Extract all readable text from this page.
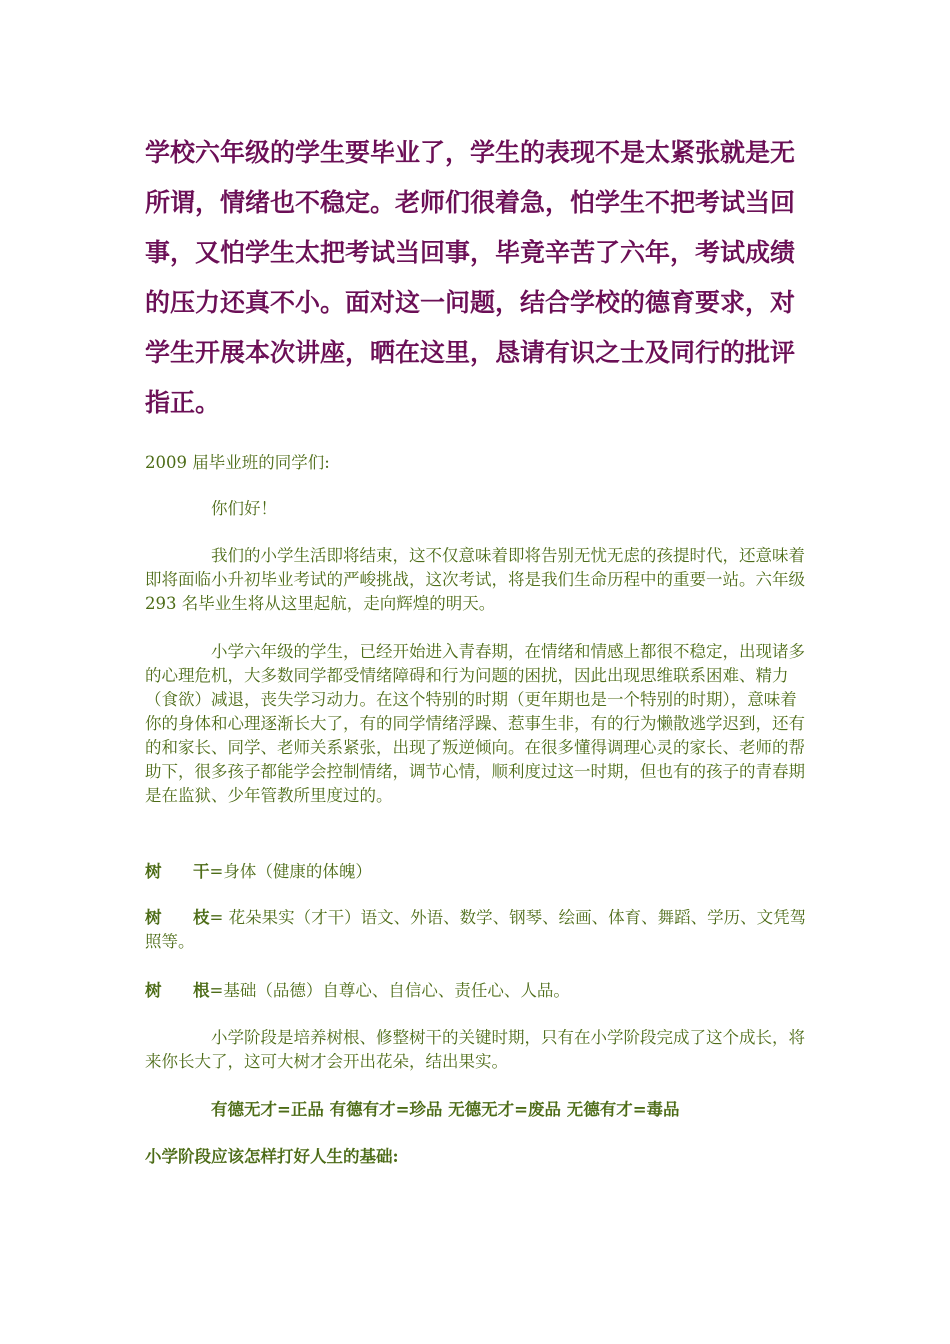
学校六年级的学生要毕业了，学生的表现不是太紧张就是无所谓，情绪也不稳定。老师们很着急，怕学生不把考试当回事，又怕学生太把考试当回事，毕竟辛苦了六年，考试成绩的压力还真不小。面对这一问题，结合学校的德育要求，对学生开展本次讲座，晒在这里，恳请有识之士及同行的批评指正。

2009 届毕业班的同学们:

你们好！

我们的小学生活即将结束，这不仅意味着即将告别无忧无虑的孩提时代，还意味着即将面临小升初毕业考试的严峻挑战，这次考试，将是我们生命历程中的重要一站。六年级 293 名毕业生将从这里起航，走向辉煌的明天。

小学六年级的学生，已经开始进入青春期，在情绪和情感上都很不稳定，出现诸多的心理危机，大多数同学都受情绪障碍和行为问题的困扰，因此出现思维联系困难、精力（食欲）减退，丧失学习动力。在这个特别的时期（更年期也是一个特别的时期），意味着你的身体和心理逐渐长大了，有的同学情绪浮躁、惹事生非，有的行为懒散逃学迟到，还有的和家长、同学、老师关系紧张，出现了叛逆倾向。在很多懂得调理心灵的家长、老师的帮助下，很多孩子都能学会控制情绪，调节心情，顺利度过这一时期，但也有的孩子的青春期是在监狱、少年管教所里度过的。

树 干=身体（健康的体魄）

树 枝= 花朵果实（才干）语文、外语、数学、钢琴、绘画、体育、舞蹈、学历、文凭驾照等。

树 根=基础（品德）自尊心、自信心、责任心、人品。

小学阶段是培养树根、修整树干的关键时期，只有在小学阶段完成了这个成长，将来你长大了，这可大树才会开出花朵，结出果实。

有德无才=正品 有德有才=珍品 无德无才=废品 无德有才=毒品

小学阶段应该怎样打好人生的基础:
